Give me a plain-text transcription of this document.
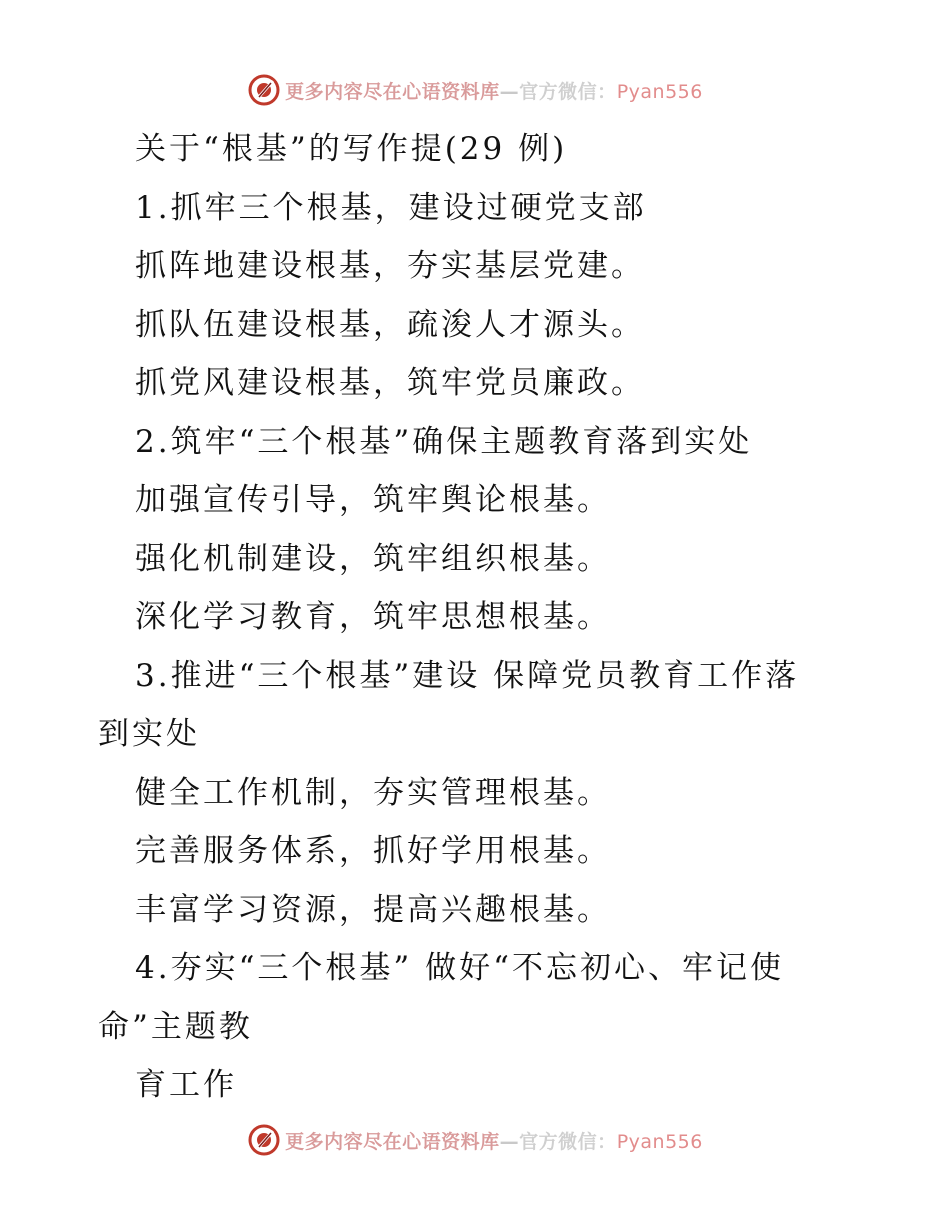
更多内容尽在心语资料库—官方微信：Pyan556
关于“根基”的写作提(29 例)
1.抓牢三个根基，建设过硬党支部
抓阵地建设根基，夯实基层党建。
抓队伍建设根基，疏浚人才源头。
抓党风建设根基，筑牢党员廉政。
2.筑牢“三个根基”确保主题教育落到实处
加强宣传引导，筑牢舆论根基。
强化机制建设，筑牢组织根基。
深化学习教育，筑牢思想根基。
3.推进“三个根基”建设 保障党员教育工作落
到实处
健全工作机制，夯实管理根基。
完善服务体系，抓好学用根基。
丰富学习资源，提高兴趣根基。
4.夯实“三个根基” 做好“不忘初心、牢记使
命”主题教
育工作
更多内容尽在心语资料库—官方微信：Pyan556
